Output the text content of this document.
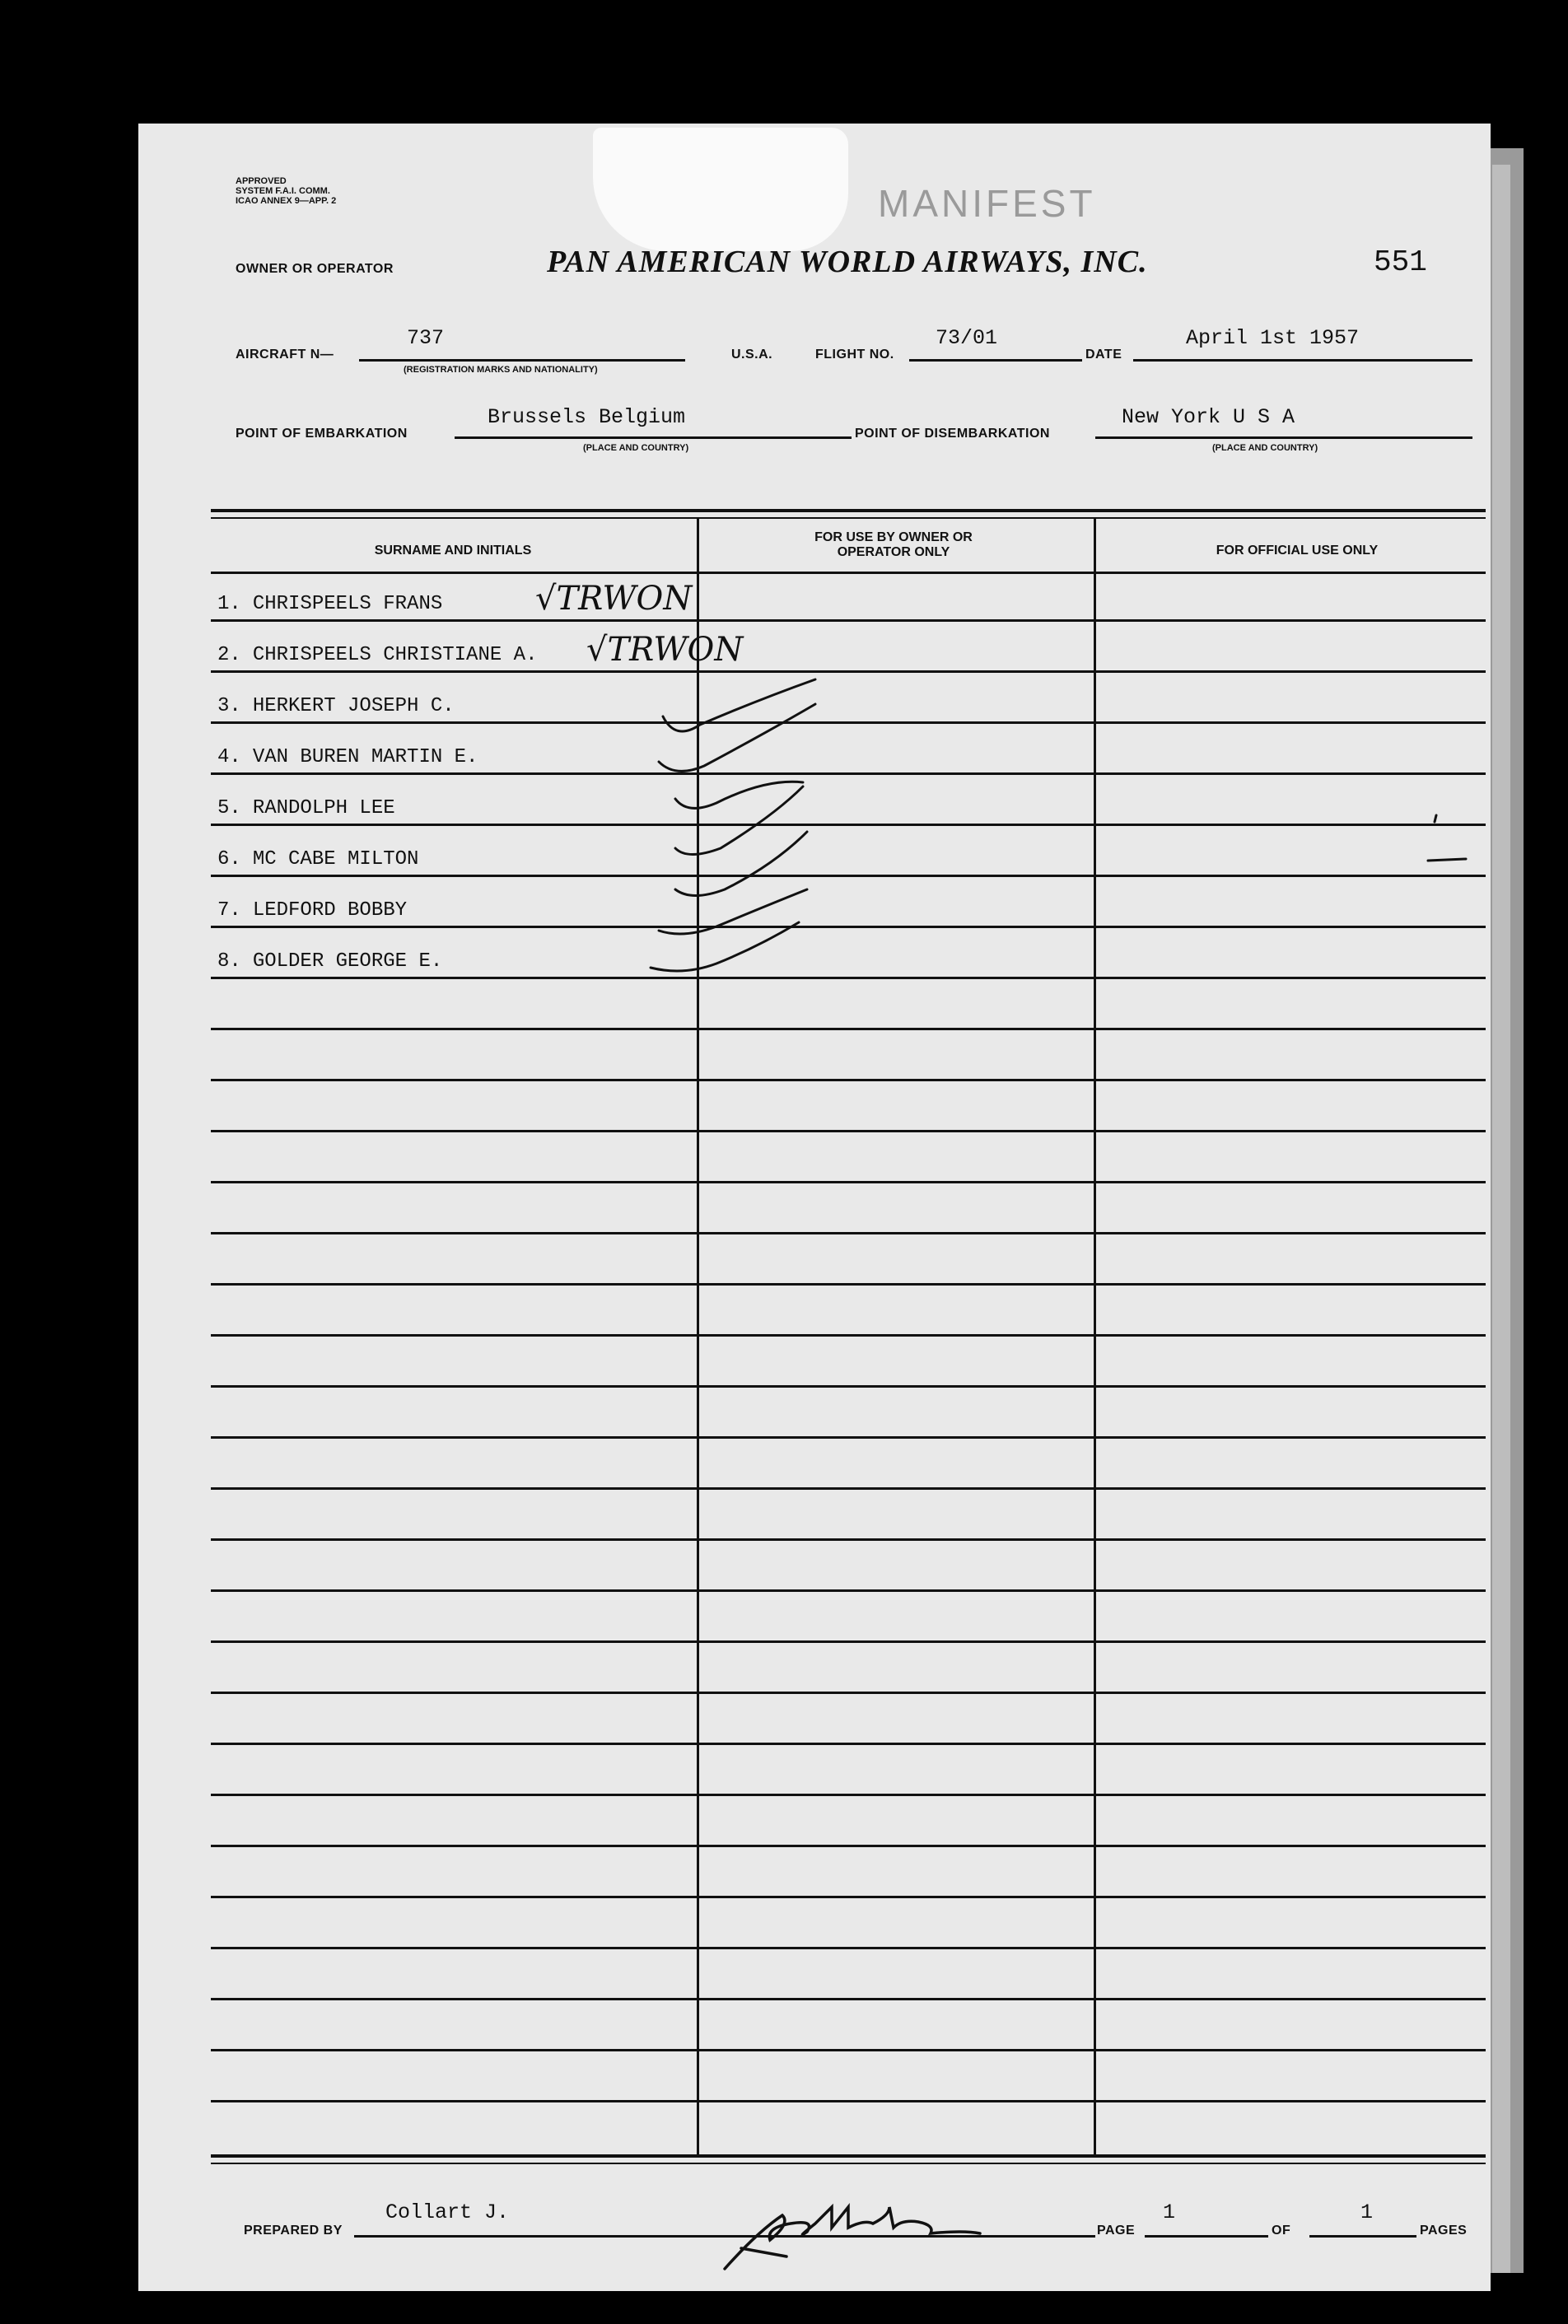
APPROVED
SYSTEM F.A.I. COMM.
ICAO ANNEX 9—APP. 2	MANIFEST
OWNER OR OPERATOR	PAN AMERICAN WORLD AIRWAYS, INC.	551
AIRCRAFT N—
737
(REGISTRATION MARKS AND NATIONALITY)
U.S.A.	FLIGHT NO.
73/01
DATE
April 1st 1957
POINT OF EMBARKATION
Brussels Belgium
(PLACE AND COUNTRY)
POINT OF DISEMBARKATION
New York U S A
(PLACE AND COUNTRY)
SURNAME AND INITIALS
FOR USE BY OWNER OR OPERATOR ONLY	FOR OFFICIAL USE ONLY
1. CHRISPEELS FRANS
2. CHRISPEELS CHRISTIANE A.
3. HERKERT JOSEPH C.
4. VAN BUREN MARTIN E.
5. RANDOLPH LEE
6. MC CABE MILTON
7. LEDFORD BOBBY
8. GOLDER GEORGE E.
√TRWON
√TRWON
PREPARED BY
Collart J.
PAGE
1
OF
1
PAGES
